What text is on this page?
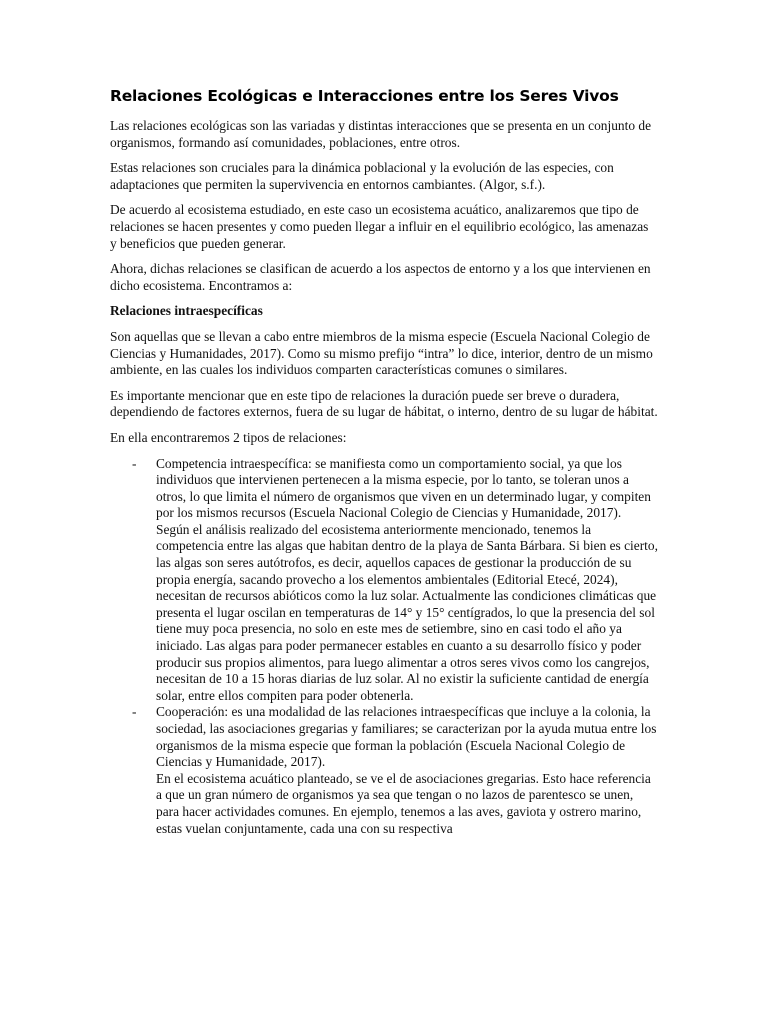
Relaciones Ecológicas e Interacciones entre los Seres Vivos

Las relaciones ecológicas son las variadas y distintas interacciones que se presenta en un conjunto de organismos, formando así comunidades, poblaciones, entre otros.

Estas relaciones son cruciales para la dinámica poblacional y la evolución de las especies, con adaptaciones que permiten la supervivencia en entornos cambiantes. (Algor, s.f.).

De acuerdo al ecosistema estudiado, en este caso un ecosistema acuático, analizaremos que tipo de relaciones se hacen presentes y como pueden llegar a influir en el equilibrio ecológico, las amenazas y beneficios que pueden generar.

Ahora, dichas relaciones se clasifican de acuerdo a los aspectos de entorno y a los que intervienen en dicho ecosistema. Encontramos a:

Relaciones intraespecíficas

Son aquellas que se llevan a cabo entre miembros de la misma especie (Escuela Nacional Colegio de Ciencias y Humanidades, 2017). Como su mismo prefijo “intra” lo dice, interior, dentro de un mismo ambiente, en las cuales los individuos comparten características comunes o similares.

Es importante mencionar que en este tipo de relaciones la duración puede ser breve o duradera, dependiendo de factores externos, fuera de su lugar de hábitat, o interno, dentro de su lugar de hábitat.

En ella encontraremos 2 tipos de relaciones:

- Competencia intraespecífica: se manifiesta como un comportamiento social, ya que los individuos que intervienen pertenecen a la misma especie, por lo tanto, se toleran unos a otros, lo que limita el número de organismos que viven en un determinado lugar, y compiten por los mismos recursos (Escuela Nacional Colegio de Ciencias y Humanidade, 2017).
Según el análisis realizado del ecosistema anteriormente mencionado, tenemos la competencia entre las algas que habitan dentro de la playa de Santa Bárbara. Si bien es cierto, las algas son seres autótrofos, es decir, aquellos capaces de gestionar la producción de su propia energía, sacando provecho a los elementos ambientales (Editorial Etecé, 2024), necesitan de recursos abióticos como la luz solar. Actualmente las condiciones climáticas que presenta el lugar oscilan en temperaturas de 14° y 15° centígrados, lo que la presencia del sol tiene muy poca presencia, no solo en este mes de setiembre, sino en casi todo el año ya iniciado. Las algas para poder permanecer estables en cuanto a su desarrollo físico y poder producir sus propios alimentos, para luego alimentar a otros seres vivos como los cangrejos, necesitan de 10 a 15 horas diarias de luz solar. Al no existir la suficiente cantidad de energía solar, entre ellos compiten para poder obtenerla.
- Cooperación: es una modalidad de las relaciones intraespecíficas que incluye a la colonia, la sociedad, las asociaciones gregarias y familiares; se caracterizan por la ayuda mutua entre los organismos de la misma especie que forman la población (Escuela Nacional Colegio de Ciencias y Humanidade, 2017).
En el ecosistema acuático planteado, se ve el de asociaciones gregarias. Esto hace referencia a que un gran número de organismos ya sea que tengan o no lazos de parentesco se unen, para hacer actividades comunes. En ejemplo, tenemos a las aves, gaviota y ostrero marino, estas vuelan conjuntamente, cada una con su respectiva
